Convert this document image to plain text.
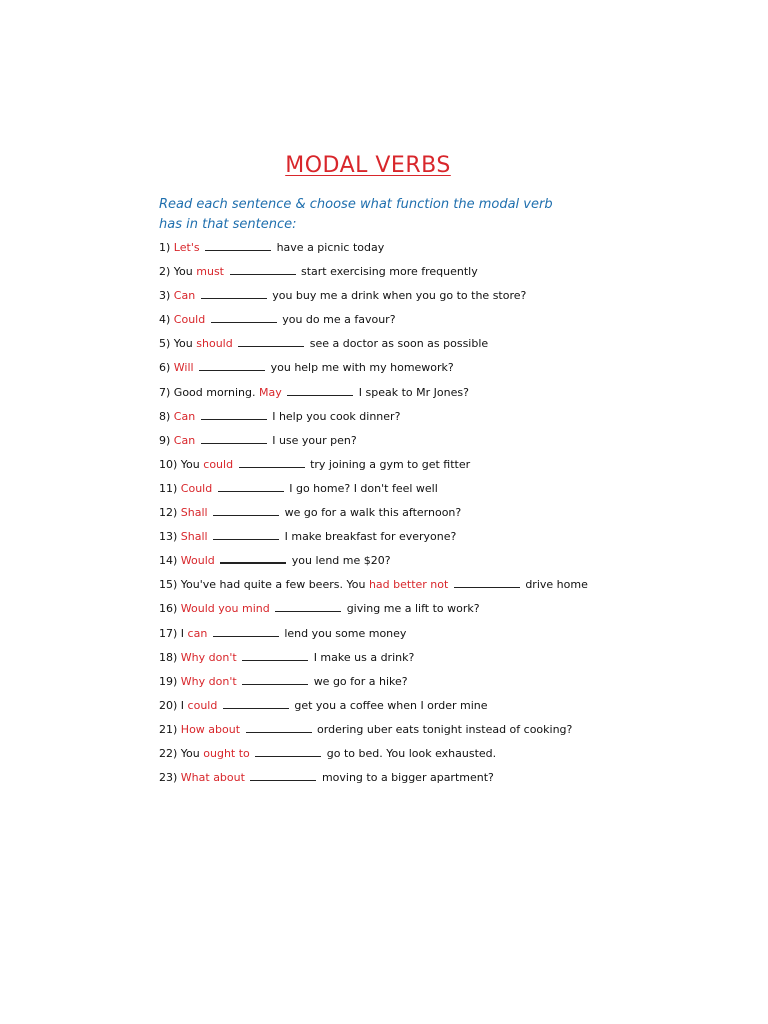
MODAL VERBS

Read each sentence & choose what function the modal verb has in that sentence:

1) Let's	have a picnic today
2) You must	start exercising more frequently
3) Can	you buy me a drink when you go to the store?
4) Could	you do me a favour?
5) You should	see a doctor as soon as possible
6) Will	you help me with my homework?
7) Good morning. May	I speak to Mr Jones?
8) Can	I help you cook dinner?
9) Can	I use your pen?
10) You could	try joining a gym to get fitter
11) Could	I go home? I don't feel well
12) Shall	we go for a walk this afternoon?
13) Shall	I make breakfast for everyone?
14) Would	you lend me $20?
15) You've had quite a few beers. You had better not	drive home
16) Would you mind	giving me a lift to work?
17) I can	lend you some money
18) Why don't	I make us a drink?
19) Why don't	we go for a hike?
20) I could	get you a coffee when I order mine
21) How about	ordering uber eats tonight instead of cooking?
22) You ought to	go to bed. You look exhausted.
23) What about	moving to a bigger apartment?
